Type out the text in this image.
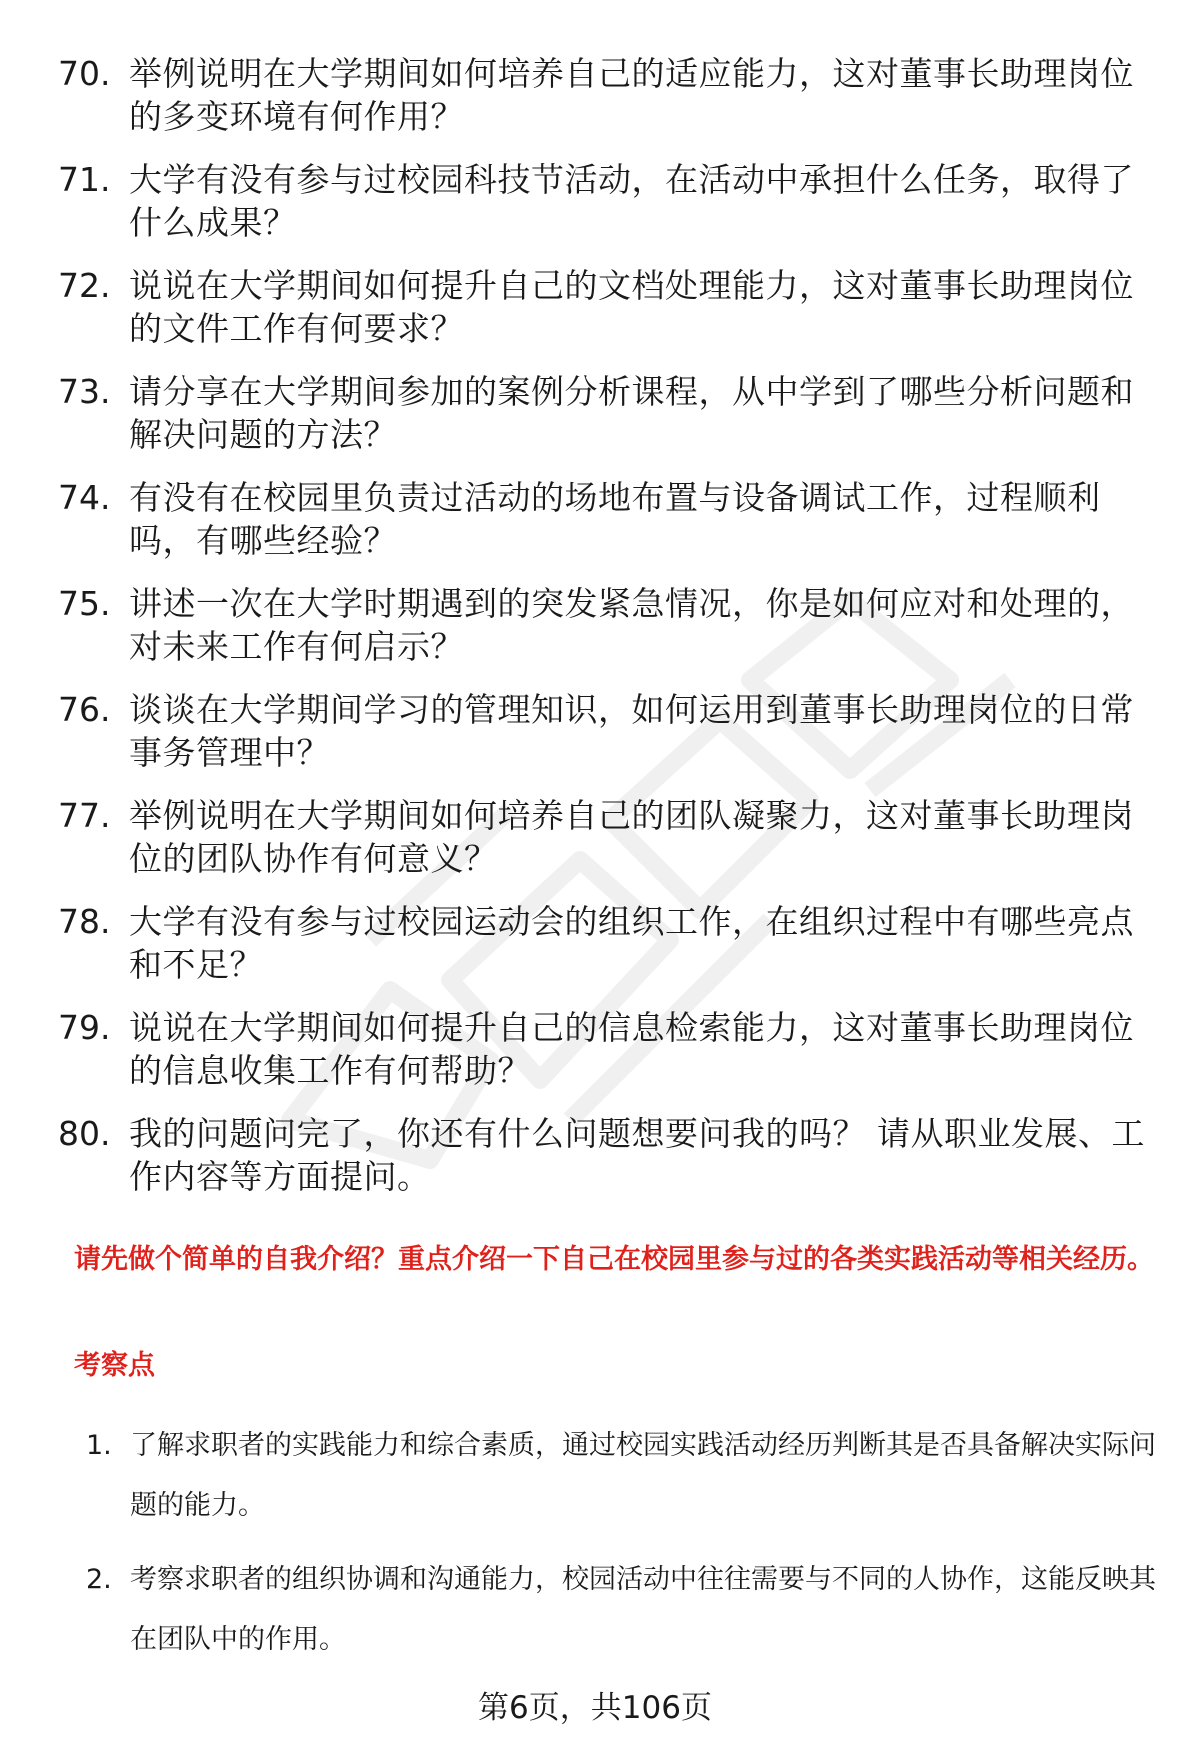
70. 举例说明在大学期间如何培养自己的适应能力，这对董事长助理岗位的多变环境有何作用？
71. 大学有没有参与过校园科技节活动，在活动中承担什么任务，取得了什么成果？
72. 说说在大学期间如何提升自己的文档处理能力，这对董事长助理岗位的文件工作有何要求？
73. 请分享在大学期间参加的案例分析课程，从中学到了哪些分析问题和解决问题的方法？
74. 有没有在校园里负责过活动的场地布置与设备调试工作，过程顺利吗，有哪些经验？
75. 讲述一次在大学时期遇到的突发紧急情况，你是如何应对和处理的，对未来工作有何启示？
76. 谈谈在大学期间学习的管理知识，如何运用到董事长助理岗位的日常事务管理中？
77. 举例说明在大学期间如何培养自己的团队凝聚力，这对董事长助理岗位的团队协作有何意义？
78. 大学有没有参与过校园运动会的组织工作，在组织过程中有哪些亮点和不足？
79. 说说在大学期间如何提升自己的信息检索能力，这对董事长助理岗位的信息收集工作有何帮助？
80. 我的问题问完了，你还有什么问题想要问我的吗？ 请从职业发展、工作内容等方面提问。
请先做个简单的自我介绍？重点介绍一下自己在校园里参与过的各类实践活动等相关经历。
考察点
1. 了解求职者的实践能力和综合素质，通过校园实践活动经历判断其是否具备解决实际问题的能力。
2. 考察求职者的组织协调和沟通能力，校园活动中往往需要与不同的人协作，这能反映其在团队中的作用。
第6页，共106页
